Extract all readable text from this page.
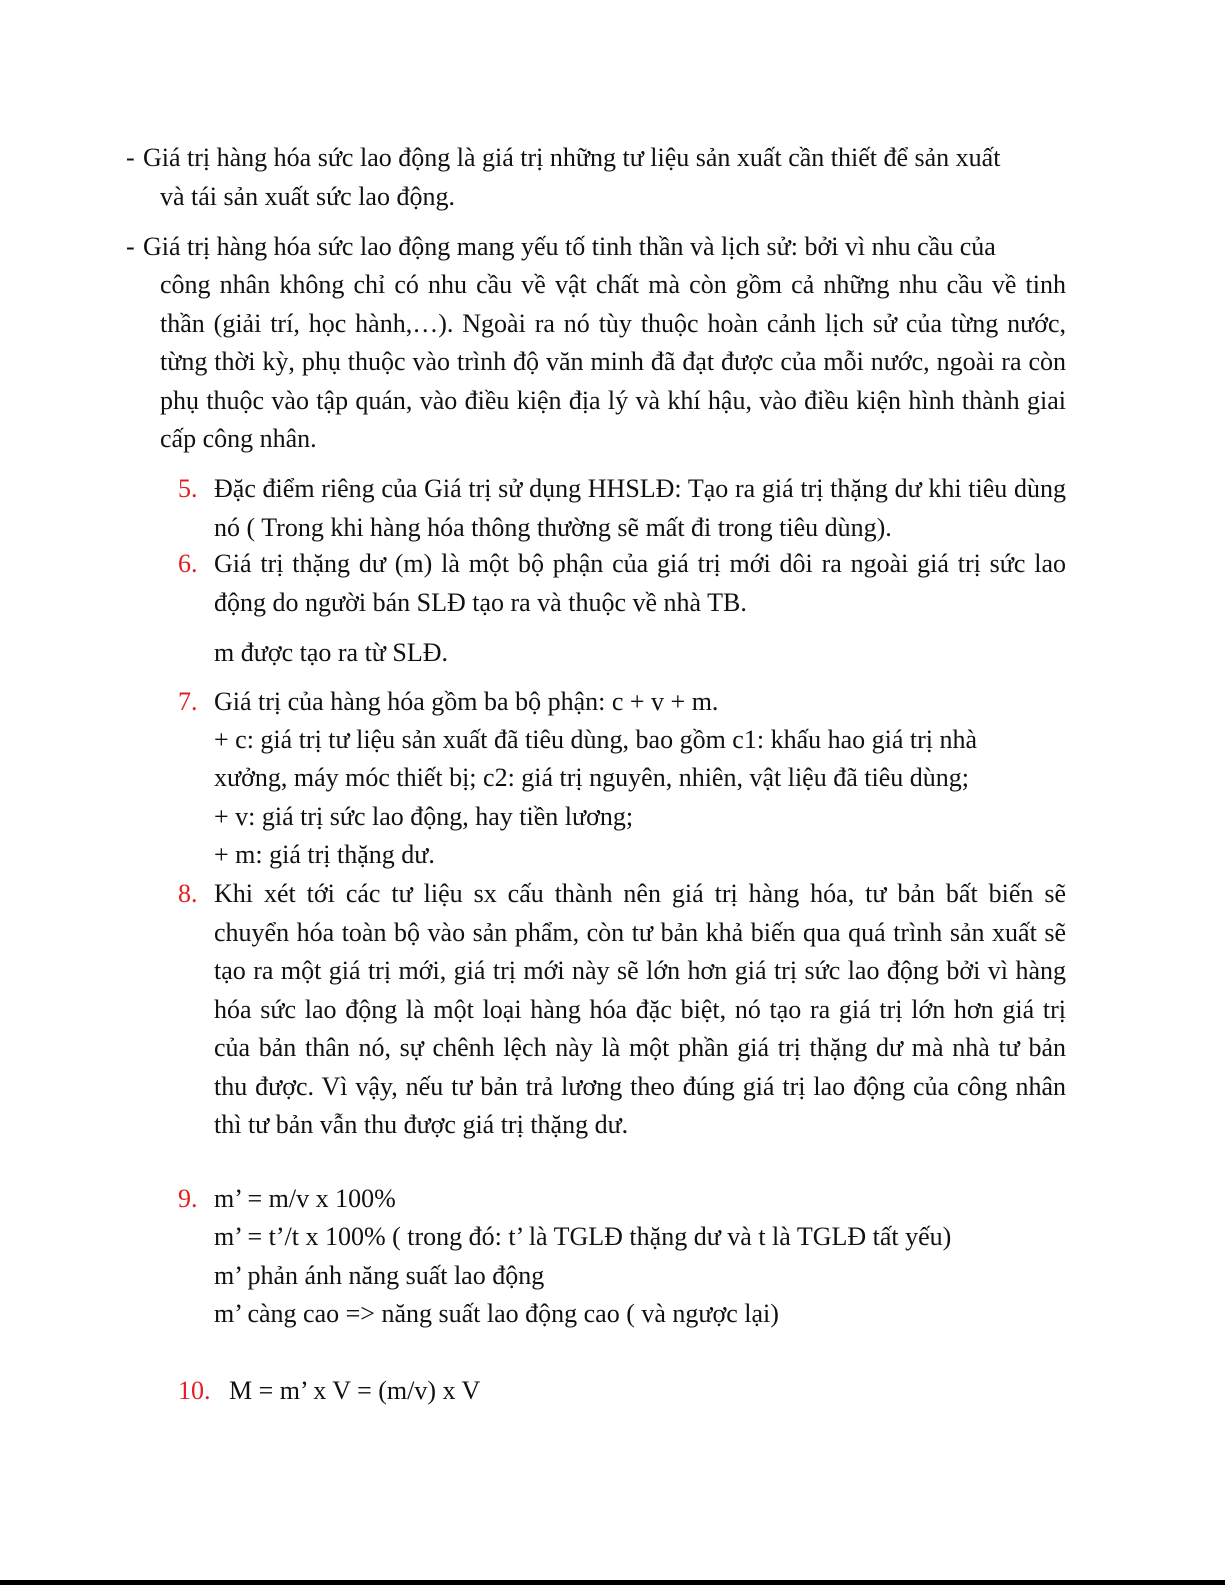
- Giá trị hàng hóa sức lao động là giá trị những tư liệu sản xuất cần thiết để sản xuất

và tái sản xuất sức lao động.

- Giá trị hàng hóa sức lao động mang yếu tố tinh thần và lịch sử: bởi vì nhu cầu của

công nhân không chỉ có nhu cầu về vật chất mà còn gồm cả những nhu cầu về tinh thần (giải trí, học hành,…). Ngoài ra nó tùy thuộc hoàn cảnh lịch sử của từng nước, từng thời kỳ, phụ thuộc vào trình độ văn minh đã đạt được của mỗi nước, ngoài ra còn phụ thuộc vào tập quán, vào điều kiện địa lý và khí hậu, vào điều kiện hình thành giai cấp công nhân.

5. Đặc điểm riêng của Giá trị sử dụng HHSLĐ: Tạo ra giá trị thặng dư khi tiêu dùng nó ( Trong khi hàng hóa thông thường sẽ mất đi trong tiêu dùng).

6. Giá trị thặng dư (m) là một bộ phận của giá trị mới dôi ra ngoài giá trị sức lao động do người bán SLĐ tạo ra và thuộc về nhà TB.

m được tạo ra từ SLĐ.

7. Giá trị của hàng hóa gồm ba bộ phận: c + v + m.

+ c: giá trị tư liệu sản xuất đã tiêu dùng, bao gồm c1: khấu hao giá trị nhà

xưởng, máy móc thiết bị; c2: giá trị nguyên, nhiên, vật liệu đã tiêu dùng;

+ v: giá trị sức lao động, hay tiền lương;

+ m: giá trị thặng dư.

8. Khi xét tới các tư liệu sx cấu thành nên giá trị hàng hóa, tư bản bất biến sẽ chuyển hóa toàn bộ vào sản phẩm, còn tư bản khả biến qua quá trình sản xuất sẽ tạo ra một giá trị mới, giá trị mới này sẽ lớn hơn giá trị sức lao động bởi vì hàng hóa sức lao động là một loại hàng hóa đặc biệt, nó tạo ra giá trị lớn hơn giá trị của bản thân nó, sự chênh lệch này là một phần giá trị thặng dư mà nhà tư bản thu được. Vì vậy, nếu tư bản trả lương theo đúng giá trị lao động của công nhân thì tư bản vẫn thu được giá trị thặng dư.

9. m’ = m/v x 100%

m’ = t’/t x 100% ( trong đó: t’ là TGLĐ thặng dư và t là TGLĐ tất yếu)

m’ phản ánh năng suất lao động

m’ càng cao => năng suất lao động cao ( và ngược lại)

10. M = m’ x V = (m/v) x V
